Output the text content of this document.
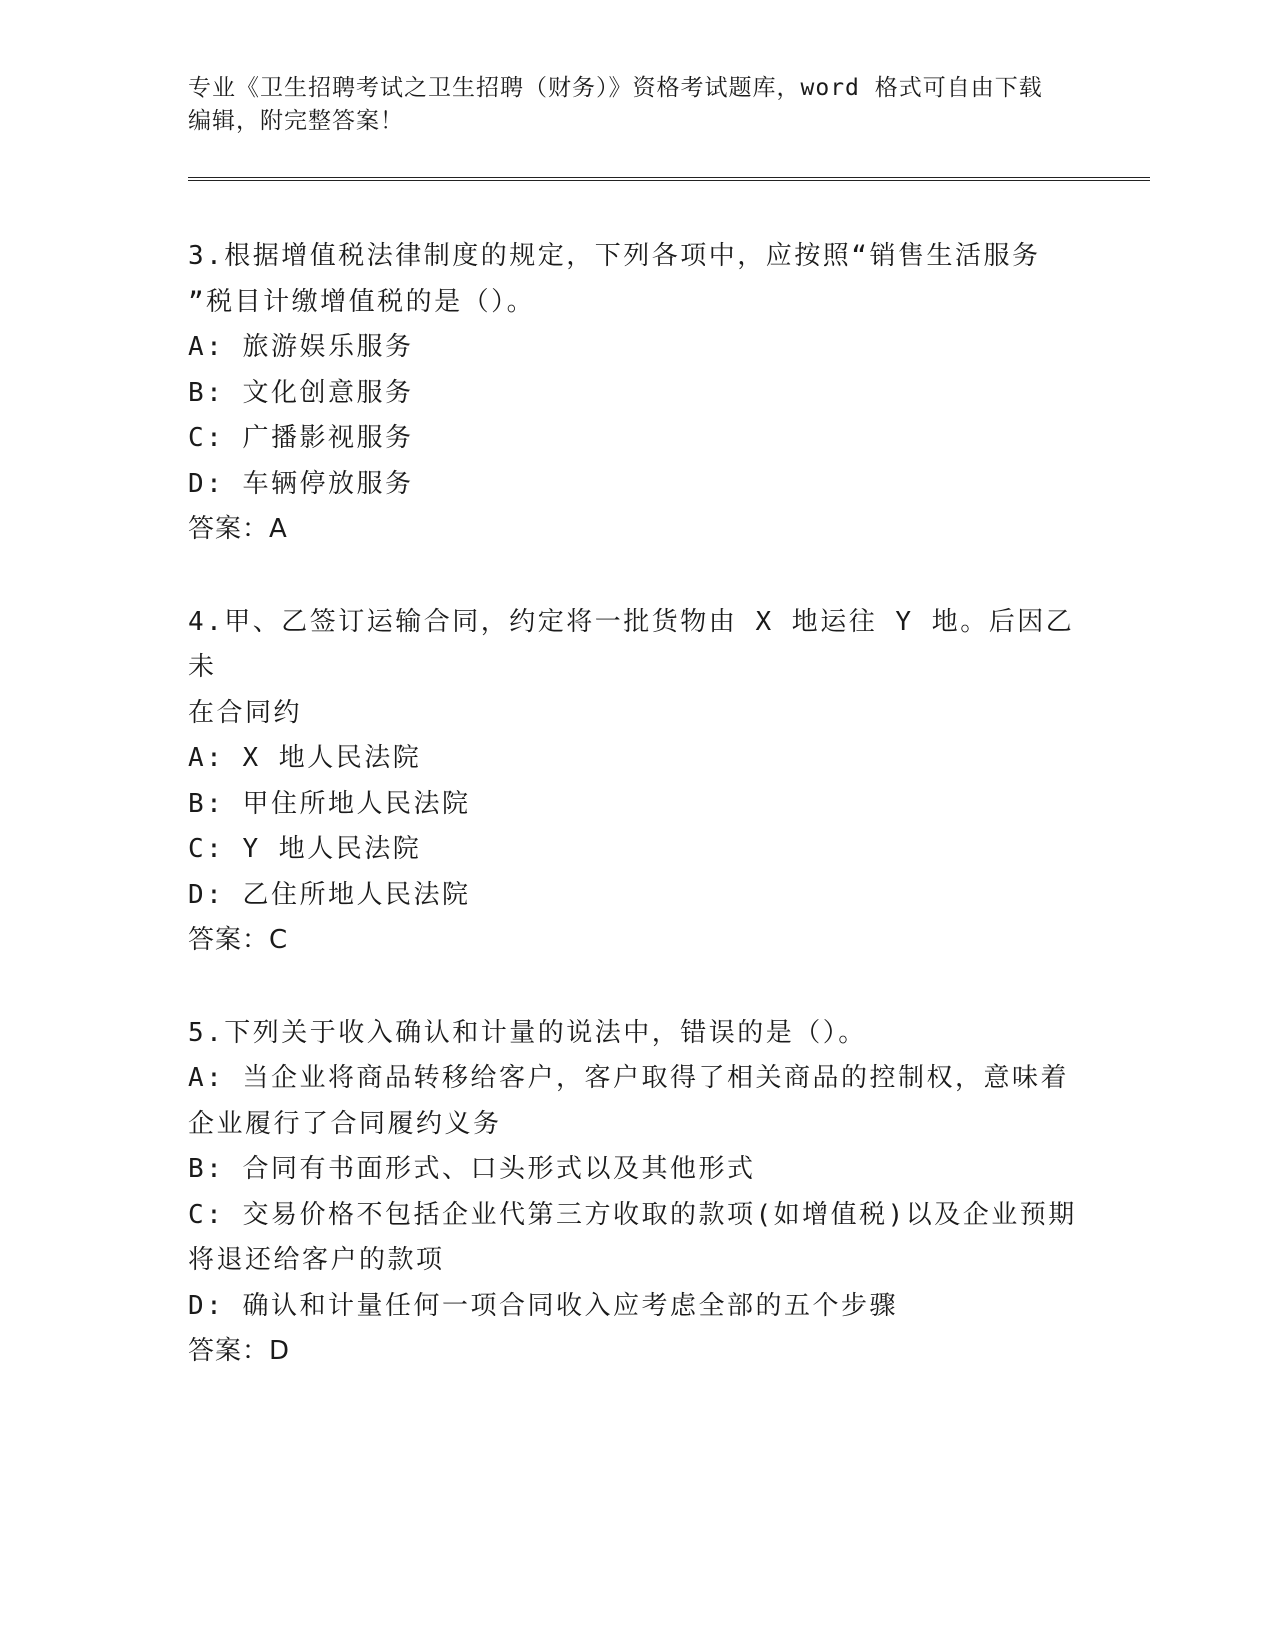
专业《卫生招聘考试之卫生招聘（财务）》资格考试题库，word 格式可自由下载
编辑，附完整答案！

3.根据增值税法律制度的规定，下列各项中，应按照“销售生活服务

”税目计缴增值税的是（）。

A: 旅游娱乐服务

B: 文化创意服务

C: 广播影视服务

D: 车辆停放服务

答案：A

4.甲、乙签订运输合同，约定将一批货物由 X 地运往 Y 地。后因乙未

在合同约

A: X 地人民法院

B: 甲住所地人民法院

C: Y 地人民法院

D: 乙住所地人民法院

答案：C

5.下列关于收入确认和计量的说法中，错误的是（）。

A: 当企业将商品转移给客户，客户取得了相关商品的控制权，意味着

企业履行了合同履约义务

B: 合同有书面形式、口头形式以及其他形式

C: 交易价格不包括企业代第三方收取的款项(如增值税)以及企业预期

将退还给客户的款项

D: 确认和计量任何一项合同收入应考虑全部的五个步骤

答案：D
